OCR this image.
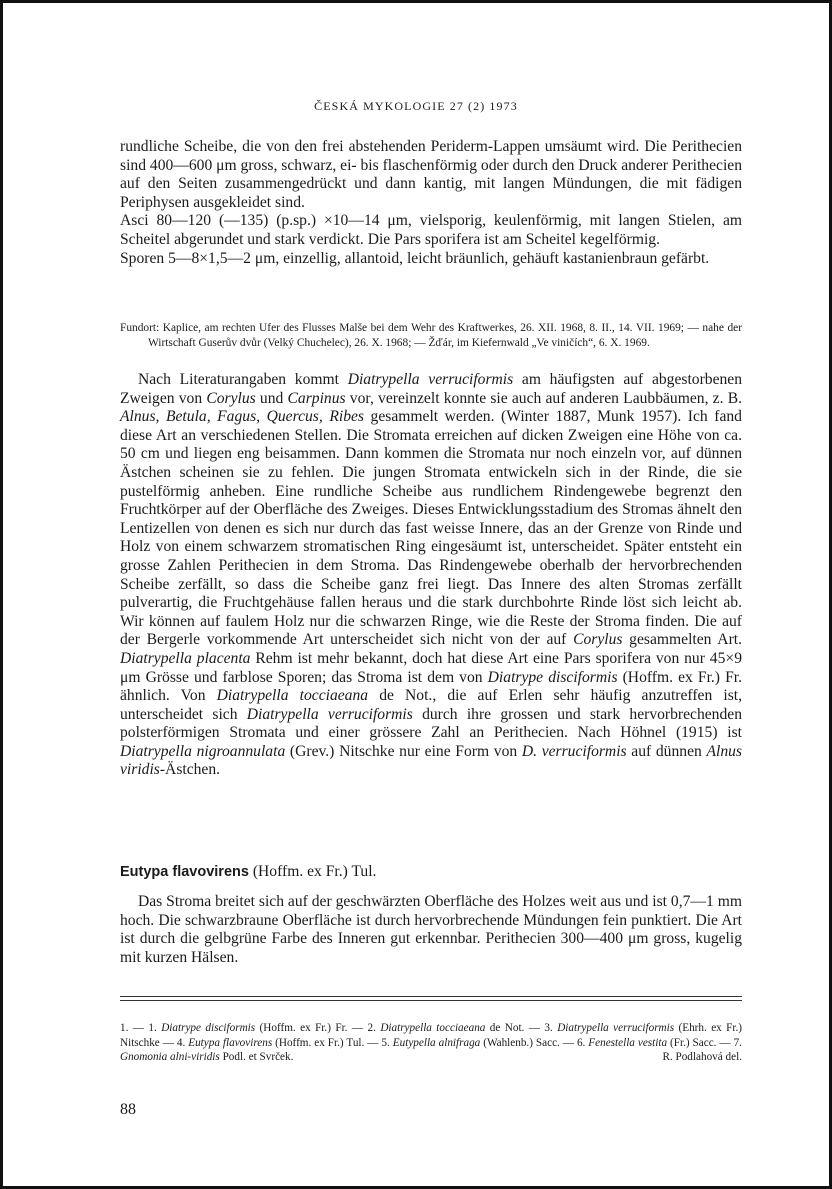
ČESKÁ MYKOLOGIE 27 (2) 1973

rundliche Scheibe, die von den frei abstehenden Periderm-Lappen umsäumt wird. Die Perithecien sind 400—600 μm gross, schwarz, ei- bis flaschenförmig oder durch den Druck anderer Perithecien auf den Seiten zusammengedrückt und dann kantig, mit langen Mündungen, die mit fädigen Periphysen ausgekleidet sind.

Asci 80—120 (—135) (p.sp.) ×10—14 μm, vielsporig, keulenförmig, mit langen Stielen, am Scheitel abgerundet und stark verdickt. Die Pars sporifera ist am Scheitel kegelförmig.

Sporen 5—8×1,5—2 μm, einzellig, allantoid, leicht bräunlich, gehäuft kastanienbraun gefärbt.

Fundort: Kaplice, am rechten Ufer des Flusses Malše bei dem Wehr des Kraftwerkes, 26. XII. 1968, 8. II., 14. VII. 1969; — nahe der Wirtschaft Guserův dvůr (Velký Chuchelec), 26. X. 1968; — Žďár, im Kiefernwald „Ve viničích“, 6. X. 1969.

Nach Literaturangaben kommt Diatrypella verruciformis am häufigsten auf abgestorbenen Zweigen von Corylus und Carpinus vor, vereinzelt konnte sie auch auf anderen Laubbäumen, z. B. Alnus, Betula, Fagus, Quercus, Ribes gesammelt werden. (Winter 1887, Munk 1957). Ich fand diese Art an verschiedenen Stellen. Die Stromata erreichen auf dicken Zweigen eine Höhe von ca. 50 cm und liegen eng beisammen. Dann kommen die Stromata nur noch einzeln vor, auf dünnen Ästchen scheinen sie zu fehlen. Die jungen Stromata entwickeln sich in der Rinde, die sie pustelförmig anheben. Eine rundliche Scheibe aus rundlichem Rindengewebe begrenzt den Fruchtkörper auf der Oberfläche des Zweiges. Dieses Entwicklungsstadium des Stromas ähnelt den Lentizellen von denen es sich nur durch das fast weisse Innere, das an der Grenze von Rinde und Holz von einem schwarzem stromatischen Ring eingesäumt ist, unterscheidet. Später entsteht ein grosse Zahlen Perithecien in dem Stroma. Das Rindengewebe oberhalb der hervorbrechenden Scheibe zerfällt, so dass die Scheibe ganz frei liegt. Das Innere des alten Stromas zerfällt pulverartig, die Fruchtgehäuse fallen heraus und die stark durchbohrte Rinde löst sich leicht ab. Wir können auf faulem Holz nur die schwarzen Ringe, wie die Reste der Stroma finden. Die auf der Bergerle vorkommende Art unterscheidet sich nicht von der auf Corylus gesammelten Art. Diatrypella placenta Rehm ist mehr bekannt, doch hat diese Art eine Pars sporifera von nur 45×9 μm Grösse und farblose Sporen; das Stroma ist dem von Diatrype disciformis (Hoffm. ex Fr.) Fr. ähnlich. Von Diatrypella tocciaeana de Not., die auf Erlen sehr häufig anzutreffen ist, unterscheidet sich Diatrypella verruciformis durch ihre grossen und stark hervorbrechenden polsterförmigen Stromata und einer grössere Zahl an Perithecien. Nach Höhnel (1915) ist Diatrypella nigroannulata (Grev.) Nitschke nur eine Form von D. verruciformis auf dünnen Alnus viridis-Ästchen.

Eutypa flavovirens (Hoffm. ex Fr.) Tul.

Das Stroma breitet sich auf der geschwärzten Oberfläche des Holzes weit aus und ist 0,7—1 mm hoch. Die schwarzbraune Oberfläche ist durch hervorbrechende Mündungen fein punktiert. Die Art ist durch die gelbgrüne Farbe des Inneren gut erkennbar. Perithecien 300—400 μm gross, kugelig mit kurzen Hälsen.

1. — 1. Diatrype disciformis (Hoffm. ex Fr.) Fr. — 2. Diatrypella tocciaeana de Not. — 3. Diatrypella verruciformis (Ehrh. ex Fr.) Nitschke — 4. Eutypa flavovirens (Hoffm. ex Fr.) Tul. — 5. Eutypella alnifraga (Wahlenb.) Sacc. — 6. Fenestella vestita (Fr.) Sacc. — 7. Gnomonia alni-viridis Podl. et Svrček.	R. Podlahová del.

88
